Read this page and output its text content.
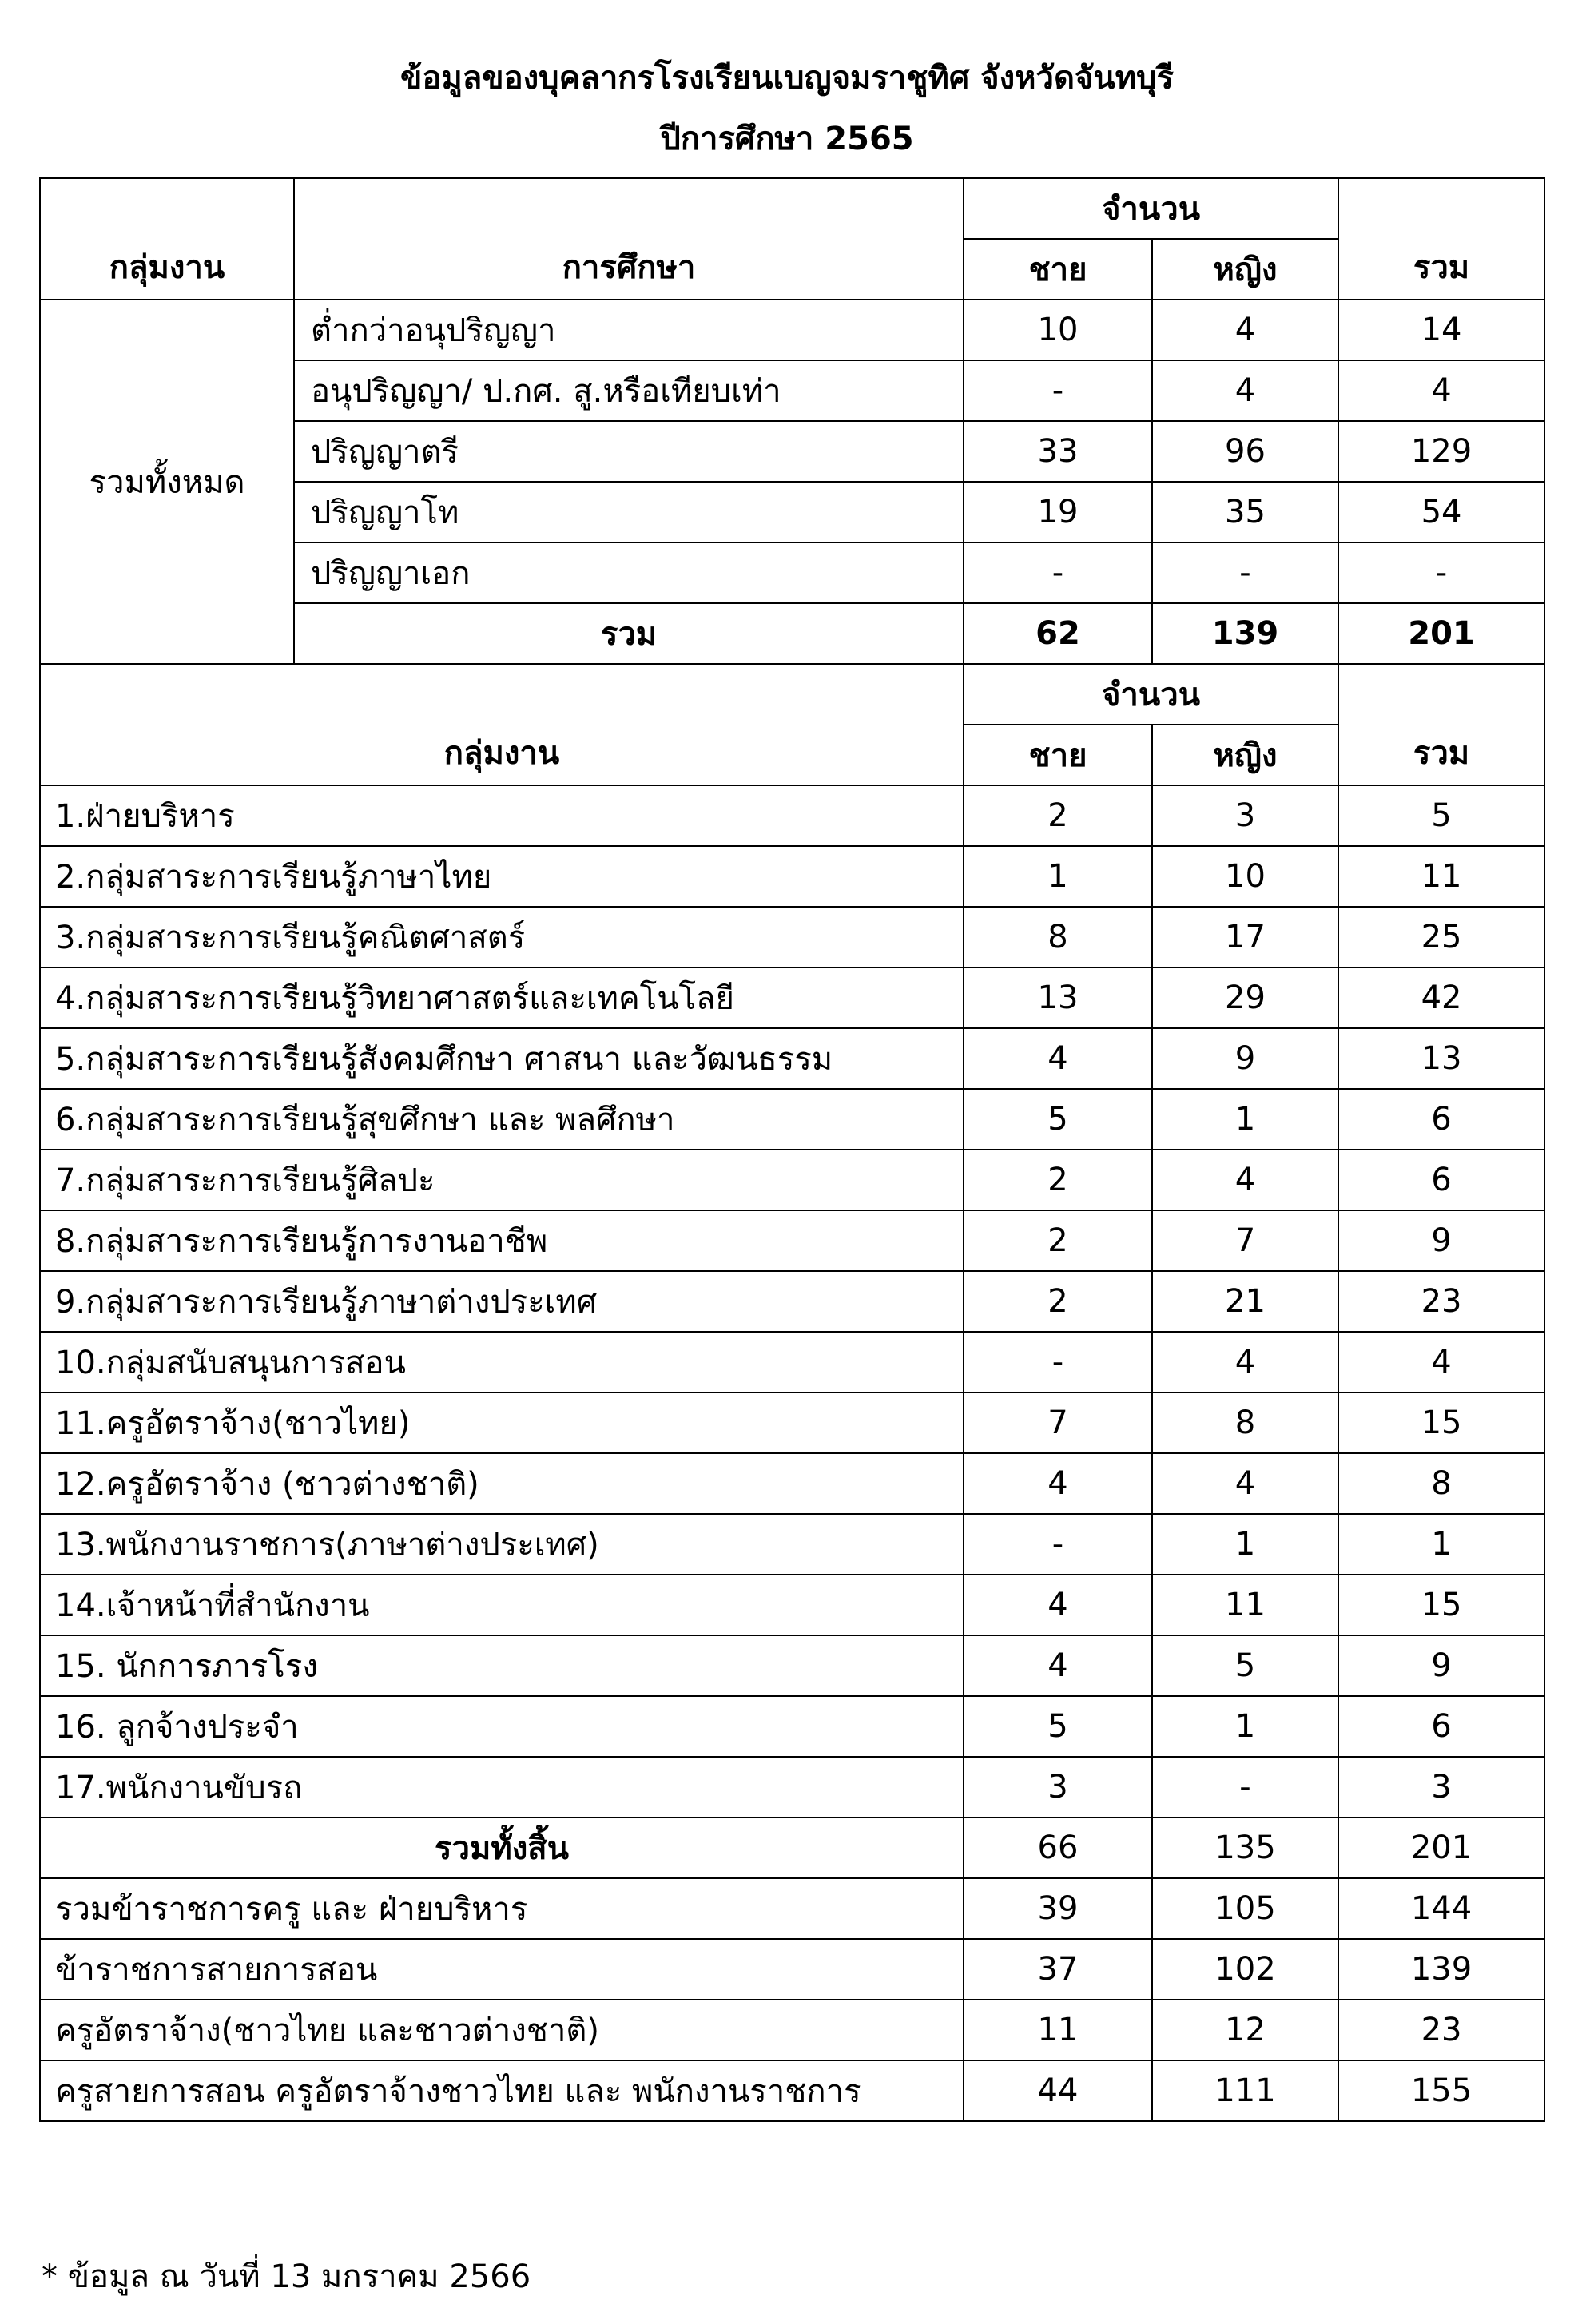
ข้อมูลของบุคลากรโรงเรียนเบญจมราชูทิศ จังหวัดจันทบุรี
ปีการศึกษา 2565
กลุ่มงาน	การศึกษา	จำนวน		รวม
		ชาย	หญิง	
รวมทั้งหมด	ต่ำกว่าอนุปริญญา	10	4	14
	อนุปริญญา/ ป.กศ. สู.หรือเทียบเท่า	-	4	4
	ปริญญาตรี	33	96	129
	ปริญญาโท	19	35	54
	ปริญญาเอก	-	-	-
	รวม	62	139	201
กลุ่มงาน		จำนวน		รวม
		ชาย	หญิง	
1.ฝ่ายบริหาร		2	3	5
2.กลุ่มสาระการเรียนรู้ภาษาไทย		1	10	11
3.กลุ่มสาระการเรียนรู้คณิตศาสตร์		8	17	25
4.กลุ่มสาระการเรียนรู้วิทยาศาสตร์และเทคโนโลยี		13	29	42
5.กลุ่มสาระการเรียนรู้สังคมศึกษา ศาสนา และวัฒนธรรม		4	9	13
6.กลุ่มสาระการเรียนรู้สุขศึกษา และ พลศึกษา		5	1	6
7.กลุ่มสาระการเรียนรู้ศิลปะ		2	4	6
8.กลุ่มสาระการเรียนรู้การงานอาชีพ		2	7	9
9.กลุ่มสาระการเรียนรู้ภาษาต่างประเทศ		2	21	23
10.กลุ่มสนับสนุนการสอน		-	4	4
11.ครูอัตราจ้าง(ชาวไทย)		7	8	15
12.ครูอัตราจ้าง (ชาวต่างชาติ)		4	4	8
13.พนักงานราชการ(ภาษาต่างประเทศ)		-	1	1
14.เจ้าหน้าที่สำนักงาน		4	11	15
15. นักการภารโรง		4	5	9
16. ลูกจ้างประจำ		5	1	6
17.พนักงานขับรถ		3	-	3
รวมทั้งสิ้น		66	135	201
รวมข้าราชการครู และ ฝ่ายบริหาร		39	105	144
ข้าราชการสายการสอน		37	102	139
ครูอัตราจ้าง(ชาวไทย และชาวต่างชาติ)		11	12	23
ครูสายการสอน ครูอัตราจ้างชาวไทย และ พนักงานราชการ		44	111	155
* ข้อมูล ณ วันที่ 13 มกราคม 2566
